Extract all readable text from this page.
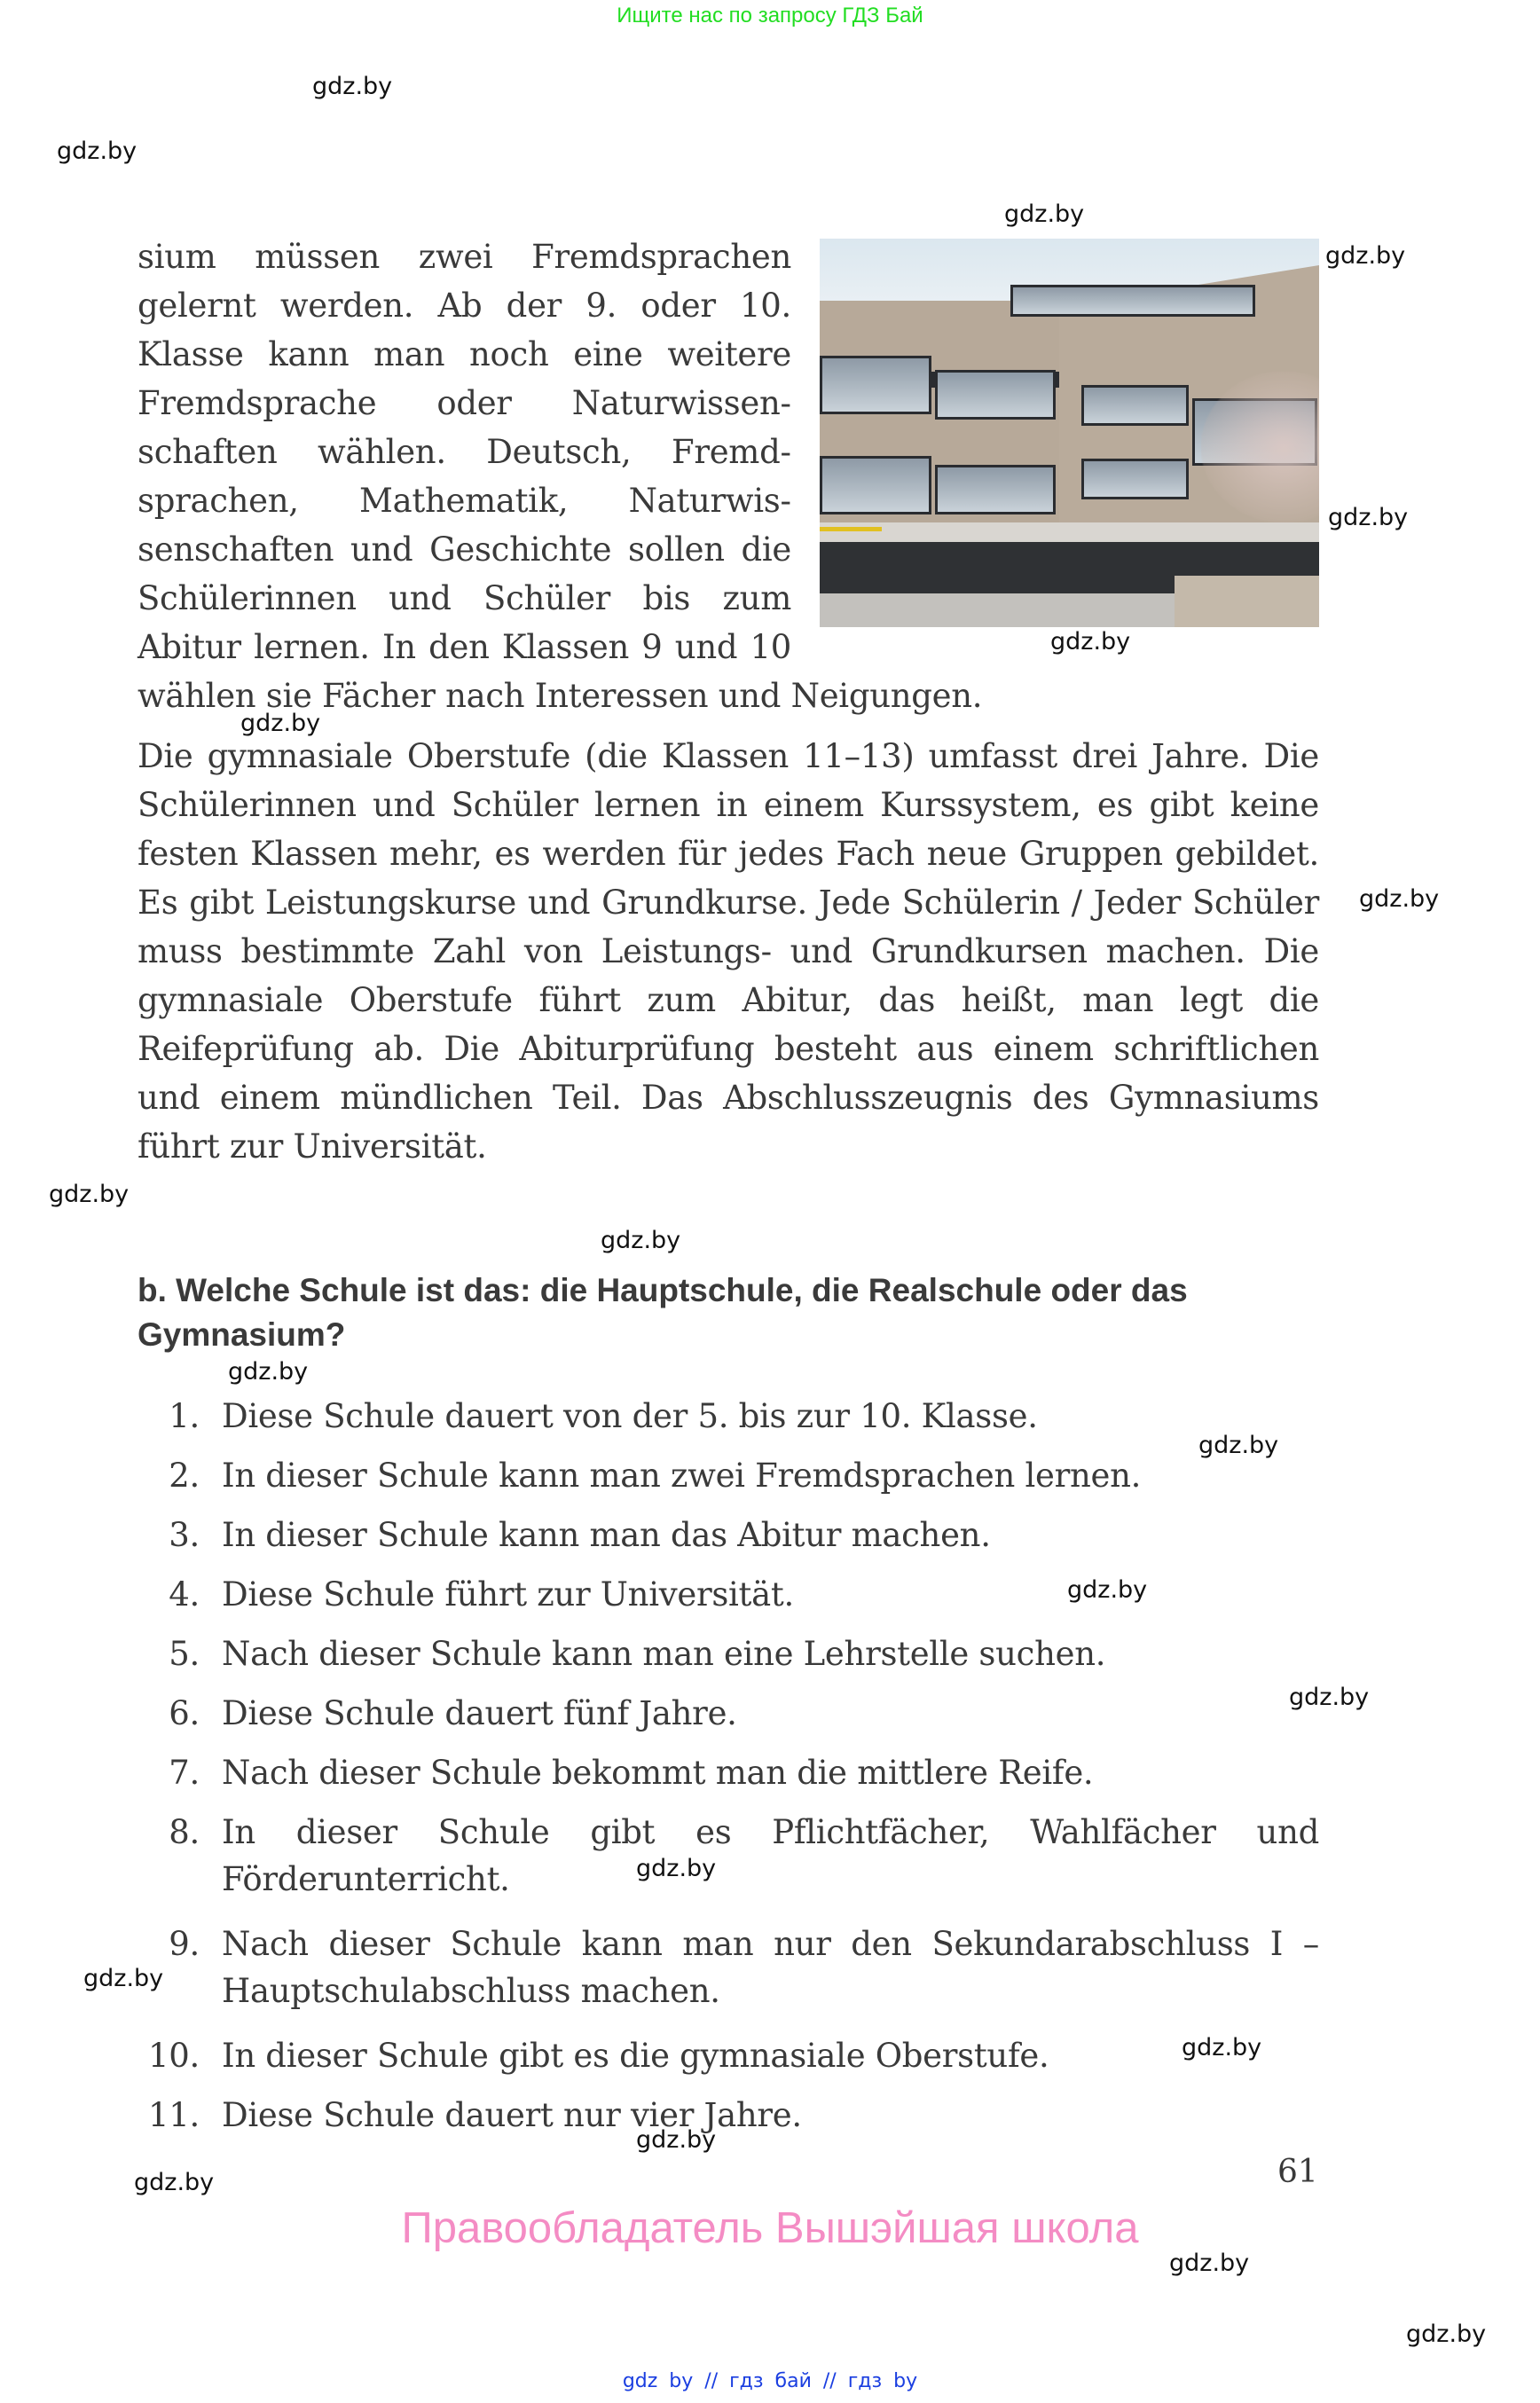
Ищите нас по запросу ГДЗ Бай
gdz.by
gdz.by
gdz.by
gdz.by
gdz.by
gdz.by
gdz.by
gdz.by
gdz.by
gdz.by
gdz.by
gdz.by
gdz.by
gdz.by
gdz.by
gdz.by
gdz.by
gdz.by
gdz.by
gdz.by
gdz.by
sium müssen zwei Fremdsprachen gelernt werden. Ab der 9. oder 10. Klasse kann man noch eine weitere Fremdsprache oder Naturwissenschaften wählen. Deutsch, Fremdsprachen, Mathematik, Naturwissenschaften und Geschichte sollen die Schülerinnen und Schüler bis zum Abitur lernen. In den Klassen 9 und 10 wählen sie Fächer nach Interessen und Neigungen.
Die gymnasiale Oberstufe (die Klassen 11–13) umfasst drei Jahre. Die Schülerinnen und Schüler lernen in einem Kurssystem, es gibt keine festen Klassen mehr, es werden für jedes Fach neue Gruppen gebildet. Es gibt Leistungskurse und Grundkurse. Jede Schülerin / Jeder Schüler muss bestimmte Zahl von Leistungs- und Grundkursen machen. Die gymnasiale Oberstufe führt zum Abitur, das heißt, man legt die Reifeprüfung ab. Die Abiturprüfung besteht aus einem schriftlichen und einem mündlichen Teil. Das Abschlusszeugnis des Gymnasiums führt zur Universität.
b. Welche Schule ist das: die Hauptschule, die Realschule oder das Gymnasium?
1. Diese Schule dauert von der 5. bis zur 10. Klasse.
2. In dieser Schule kann man zwei Fremdsprachen lernen.
3. In dieser Schule kann man das Abitur machen.
4. Diese Schule führt zur Universität.
5. Nach dieser Schule kann man eine Lehrstelle suchen.
6. Diese Schule dauert fünf Jahre.
7. Nach dieser Schule bekommt man die mittlere Reife.
8. In dieser Schule gibt es Pflichtfächer, Wahlfächer und Förderunterricht.
9. Nach dieser Schule kann man nur den Sekundarabschluss I – Hauptschulabschluss machen.
10. In dieser Schule gibt es die gymnasiale Oberstufe.
11. Diese Schule dauert nur vier Jahre.
61
Правообладатель Вышэйшая школа
gdz by // гдз бай // гдз by
